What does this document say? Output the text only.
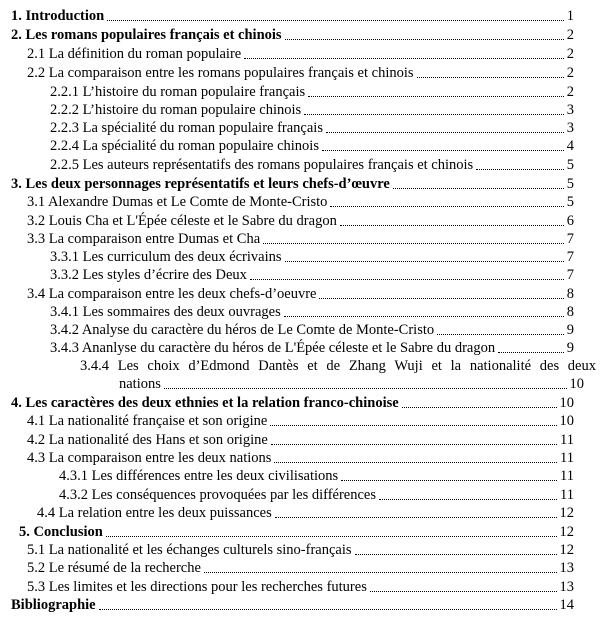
1. Introduction	1
2. Les romans populaires français et chinois	2
2.1 La définition du roman populaire	2
2.2 La comparaison entre les romans populaires français et chinois	2
2.2.1 L’histoire du roman populaire français	2
2.2.2 L’histoire du roman populaire chinois	3
2.2.3 La spécialité du roman populaire français	3
2.2.4 La spécialité du roman populaire chinois	4
2.2.5 Les auteurs représentatifs des romans populaires français et chinois	5
3. Les deux personnages représentatifs et leurs chefs-d’œuvre	5
3.1 Alexandre Dumas et Le Comte de Monte-Cristo	5
3.2 Louis Cha et L'Épée céleste et le Sabre du dragon	6
3.3 La comparaison entre Dumas et Cha	7
3.3.1 Les curriculum des deux écrivains	7
3.3.2 Les styles d’écrire des Deux	7
3.4 La comparaison entre les deux chefs-d’oeuvre	8
3.4.1 Les sommaires des deux ouvrages	8
3.4.2 Analyse du caractère du héros de Le Comte de Monte-Cristo	9
3.4.3 Ananlyse du caractère du héros de L'Épée céleste et le Sabre du dragon	9
3.4.4 Les choix d’Edmond Dantès et de Zhang Wuji et la nationalité des deux
nations	10
4. Les caractères des deux ethnies et la relation franco-chinoise	10
4.1 La nationalité française et son origine	10
4.2 La nationalité des Hans et son origine	11
4.3 La comparaison entre les deux nations	11
4.3.1 Les différences entre les deux civilisations	11
4.3.2 Les conséquences provoquées par les différences	11
4.4 La relation entre les deux puissances	12
5. Conclusion	12
5.1 La nationalité et les échanges culturels sino-français	12
5.2 Le résumé de la recherche	13
5.3 Les limites et les directions pour les recherches futures	13
Bibliographie	14
